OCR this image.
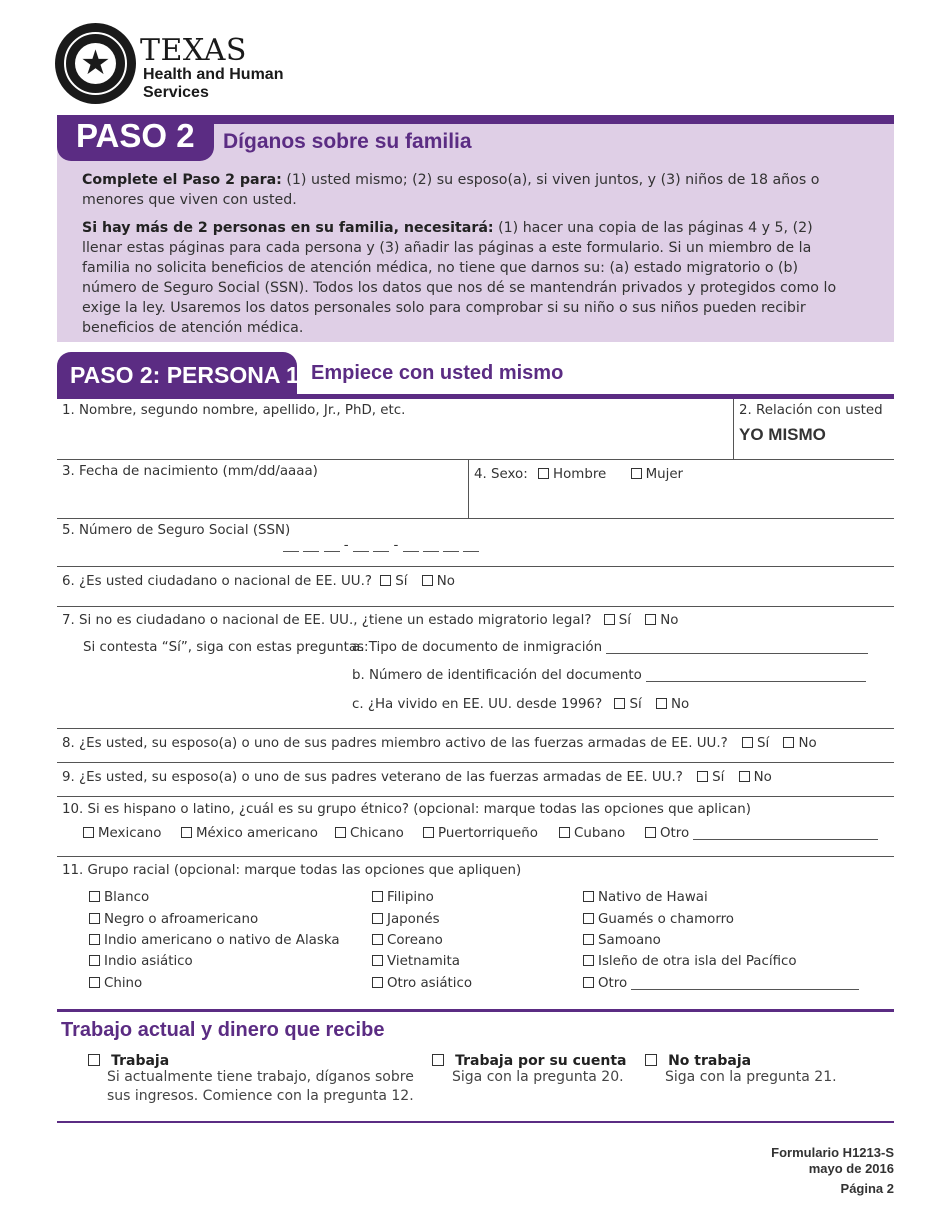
★ TEXAS
Health and Human
Services
PASO 2 Díganos sobre su familia
Complete el Paso 2 para: (1) usted mismo; (2) su esposo(a), si viven juntos, y (3) niños de 18 años o menores que viven con usted.
Si hay más de 2 personas en su familia, necesitará: (1) hacer una copia de las páginas 4 y 5, (2) llenar estas páginas para cada persona y (3) añadir las páginas a este formulario. Si un miembro de la familia no solicita beneficios de atención médica, no tiene que darnos su: (a) estado migratorio o (b) número de Seguro Social (SSN). Todos los datos que nos dé se mantendrán privados y protegidos como lo exige la ley. Usaremos los datos personales solo para comprobar si su niño o sus niños pueden recibir beneficios de atención médica.
PASO 2: PERSONA 1 Empiece con usted mismo
1. Nombre, segundo nombre, apellido, Jr., PhD, etc.	2. Relación con usted
YO MISMO
3. Fecha de nacimiento (mm/dd/aaaa)	4. Sexo: Hombre	Mujer
5. Número de Seguro Social (SSN)
-	-
6. ¿Es usted ciudadano o nacional de EE. UU.? Sí No
7. Si no es ciudadano o nacional de EE. UU., ¿tiene un estado migratorio legal? Sí No
Si contesta “Sí”, siga con estas preguntas:
a. Tipo de documento de inmigración
b. Número de identificación del documento
c. ¿Ha vivido en EE. UU. desde 1996? Sí No
8. ¿Es usted, su esposo(a) o uno de sus padres miembro activo de las fuerzas armadas de EE. UU.? Sí No
9. ¿Es usted, su esposo(a) o uno de sus padres veterano de las fuerzas armadas de EE. UU.? Sí No
10. Si es hispano o latino, ¿cuál es su grupo étnico? (opcional: marque todas las opciones que aplican)
Mexicano	México americano	Chicano	Puertorriqueño	Cubano	Otro
11. Grupo racial (opcional: marque todas las opciones que apliquen)
Blanco
Negro o afroamericano
Indio americano o nativo de Alaska
Indio asiático
Chino
Filipino
Japonés
Coreano
Vietnamita
Otro asiático
Nativo de Hawai
Guamés o chamorro
Samoano
Isleño de otra isla del Pacífico
Otro
Trabajo actual y dinero que recibe
Trabaja
Si actualmente tiene trabajo, díganos sobre
sus ingresos. Comience con la pregunta 12.
Trabaja por su cuenta
Siga con la pregunta 20.
No trabaja
Siga con la pregunta 21.
Formulario H1213-S
mayo de 2016
Página 2
